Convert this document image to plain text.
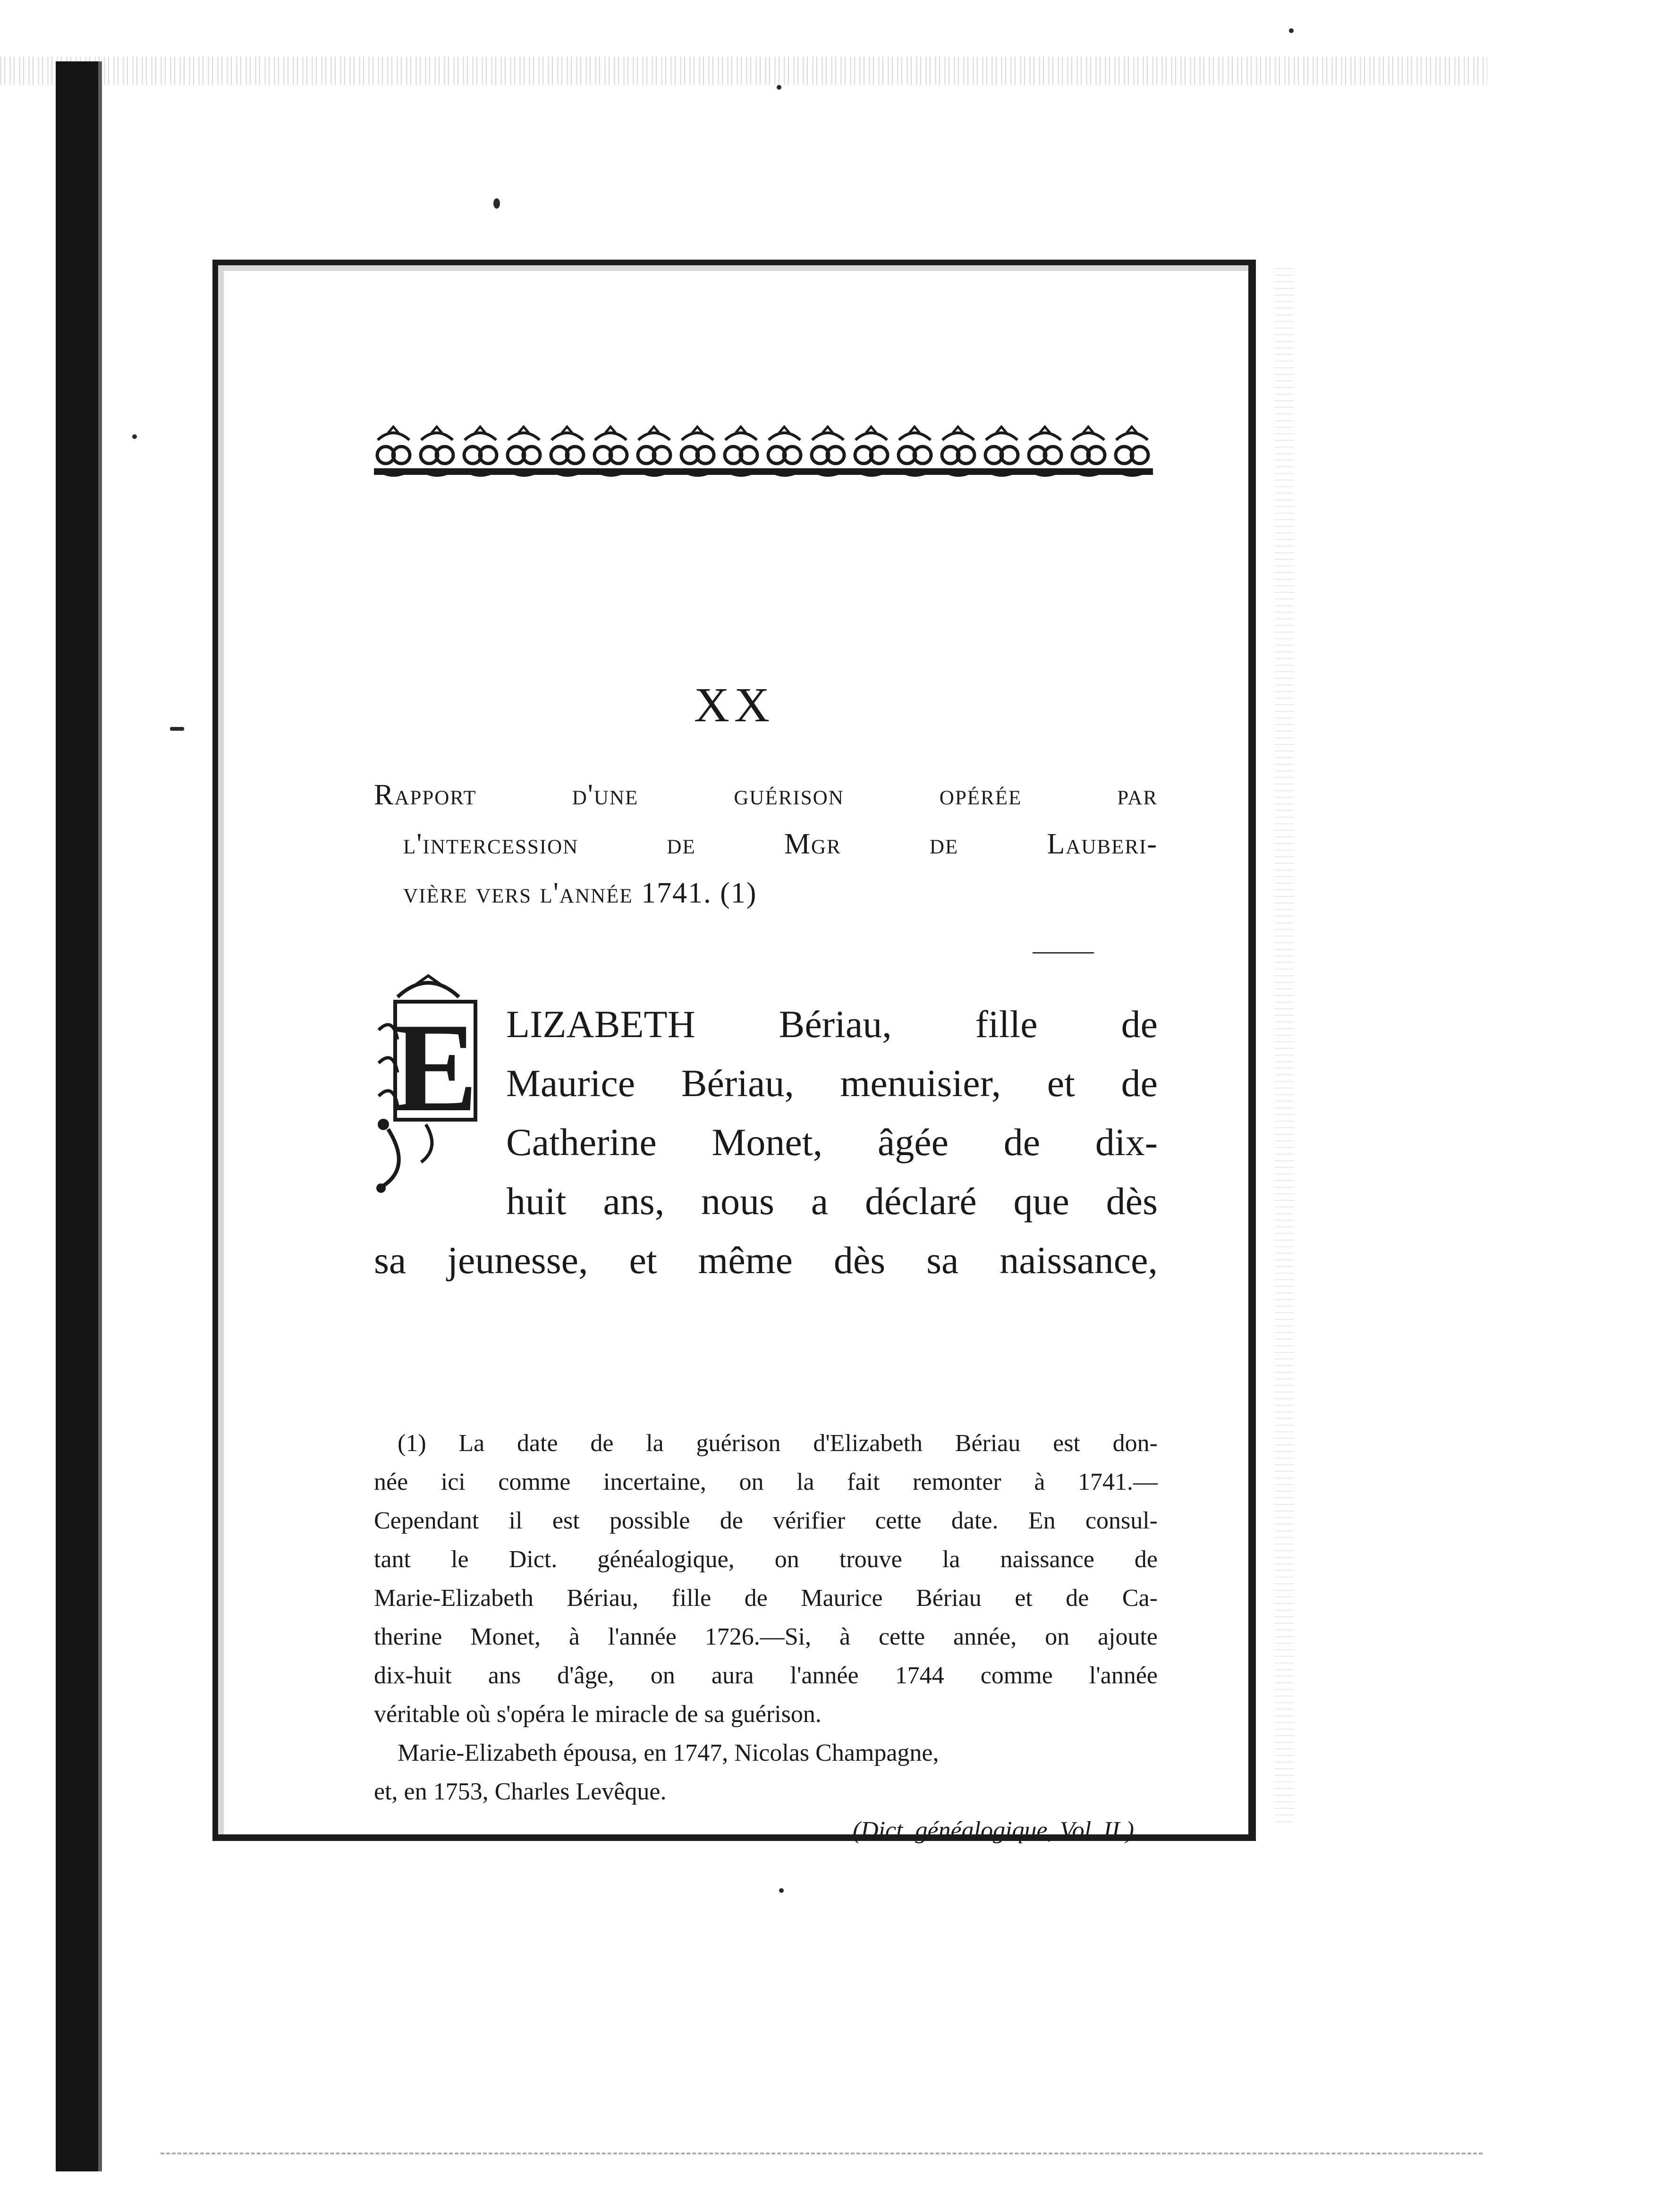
XX
Rapport d'une guérison opérée par
l'intercession de Mgr de Lauberi-
vière vers l'année 1741. (1)
E LIZABETH Bériau, fille de
Maurice Bériau, menuisier, et de
Catherine Monet, âgée de dix-
huit ans, nous a déclaré que dès
sa jeunesse, et même dès sa naissance,
(1) La date de la guérison d'Elizabeth Bériau est don-
née ici comme incertaine, on la fait remonter à 1741.—
Cependant il est possible de vérifier cette date. En consul-
tant le Dict. généalogique, on trouve la naissance de
Marie-Elizabeth Bériau, fille de Maurice Bériau et de Ca-
therine Monet, à l'année 1726.—Si, à cette année, on ajoute
dix-huit ans d'âge, on aura l'année 1744 comme l'année
véritable où s'opéra le miracle de sa guérison.
Marie-Elizabeth épousa, en 1747, Nicolas Champagne,
et, en 1753, Charles Levêque.
(Dict. généalogique, Vol. II.)
